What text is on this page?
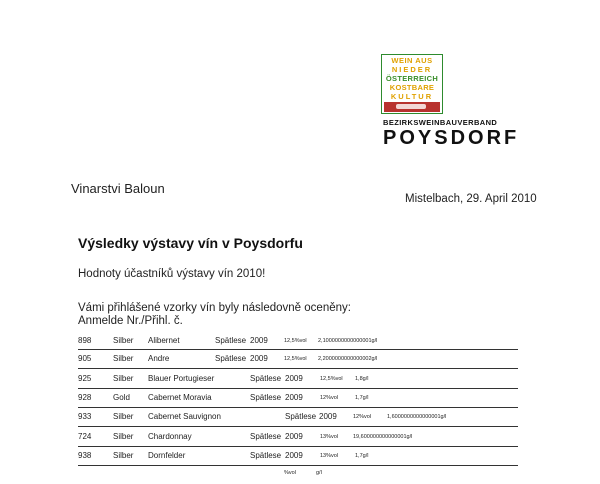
WEIN AUS
NIEDER
ÖSTERREICH
KOSTBARE
KULTUR
BEZIRKSWEINBAUVERBAND
POYSDORF
Vinarstvi Baloun
Mistelbach, 29. April 2010
Výsledky výstavy vín v Poysdorfu
Hodnoty účastníků výstavy vín 2010!
Vámi přihlášené vzorky vín byly následovně oceněny:
Anmelde Nr./Přihl. č.
898	Silber Alibernet	Spätlese 2009	12,5%vol 2,1000000000000001g/l
905	Silber Andre	Spätlese 2009	12,5%vol 2,2000000000000002g/l
925	Silber Blauer Portugieser	Spätlese 2009	12,5%vol 1,8g/l
928	Gold Cabernet Moravia	Spätlese 2009	12%vol	1,7g/l
933	Silber Cabernet Sauvignon	Spätlese 2009	12%vol	1,6000000000000001g/l
724	Silber Chardonnay	Spätlese 2009	13%vol	19,600000000000001g/l
938	Silber Dornfelder	Spätlese 2009	13%vol	1,7g/l
%vol	g/l
